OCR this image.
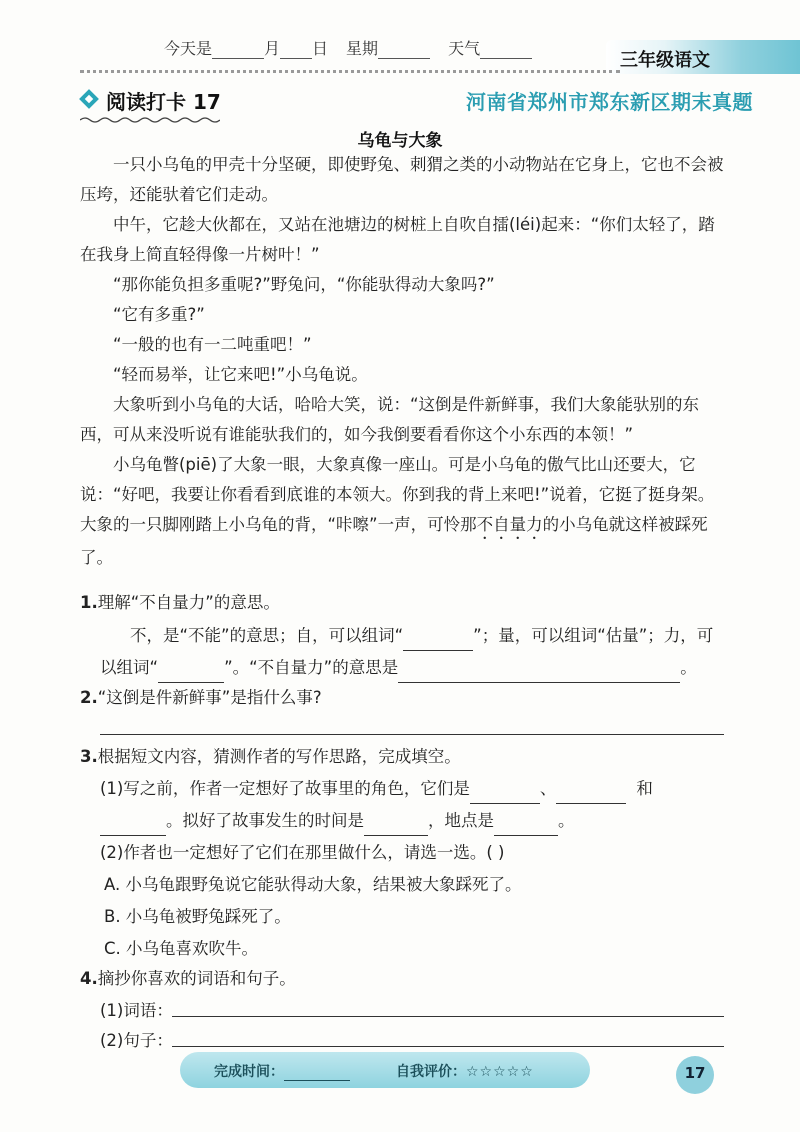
今天是	月 日 星期	天气
三年级语文
阅读打卡 17	河南省郑州市郑东新区期末真题
乌龟与大象

一只小乌龟的甲壳十分坚硬，即使野兔、刺猬之类的小动物站在它身上，它也不会被压垮，还能驮着它们走动。

中午，它趁大伙都在，又站在池塘边的树桩上自吹自擂(léi)起来：“你们太轻了，踏在我身上简直轻得像一片树叶！”

“那你能负担多重呢?”野兔问，“你能驮得动大象吗?”

“它有多重?”

“一般的也有一二吨重吧！”

“轻而易举，让它来吧!”小乌龟说。

大象听到小乌龟的大话，哈哈大笑，说：“这倒是件新鲜事，我们大象能驮别的东西，可从来没听说有谁能驮我们的，如今我倒要看看你这个小东西的本领！”

小乌龟瞥(piē)了大象一眼，大象真像一座山。可是小乌龟的傲气比山还要大，它说：“好吧，我要让你看看到底谁的本领大。你到我的背上来吧!”说着，它挺了挺身架。大象的一只脚刚踏上小乌龟的背，“咔嚓”一声，可怜那不自量力的小乌龟就这样被踩死了。

1.理解“不自量力”的意思。
不，是“不能”的意思；自，可以组词“	”；量，可以组词“估量”；力，可
以组词“	”。“不自量力”的意思是	。
2.“这倒是件新鲜事”是指什么事?
3.根据短文内容，猜测作者的写作思路，完成填空。
(1)写之前，作者一定想好了故事里的角色，它们是	、	和
。拟好了故事发生的时间是	，地点是	。
(2)作者也一定想好了它们在那里做什么，请选一选。( )
A. 小乌龟跟野兔说它能驮得动大象，结果被大象踩死了。
B. 小乌龟被野兔踩死了。
C. 小乌龟喜欢吹牛。
4.摘抄你喜欢的词语和句子。
(1)词语：
(2)句子：
完成时间：	自我评价：☆☆☆☆☆	17
